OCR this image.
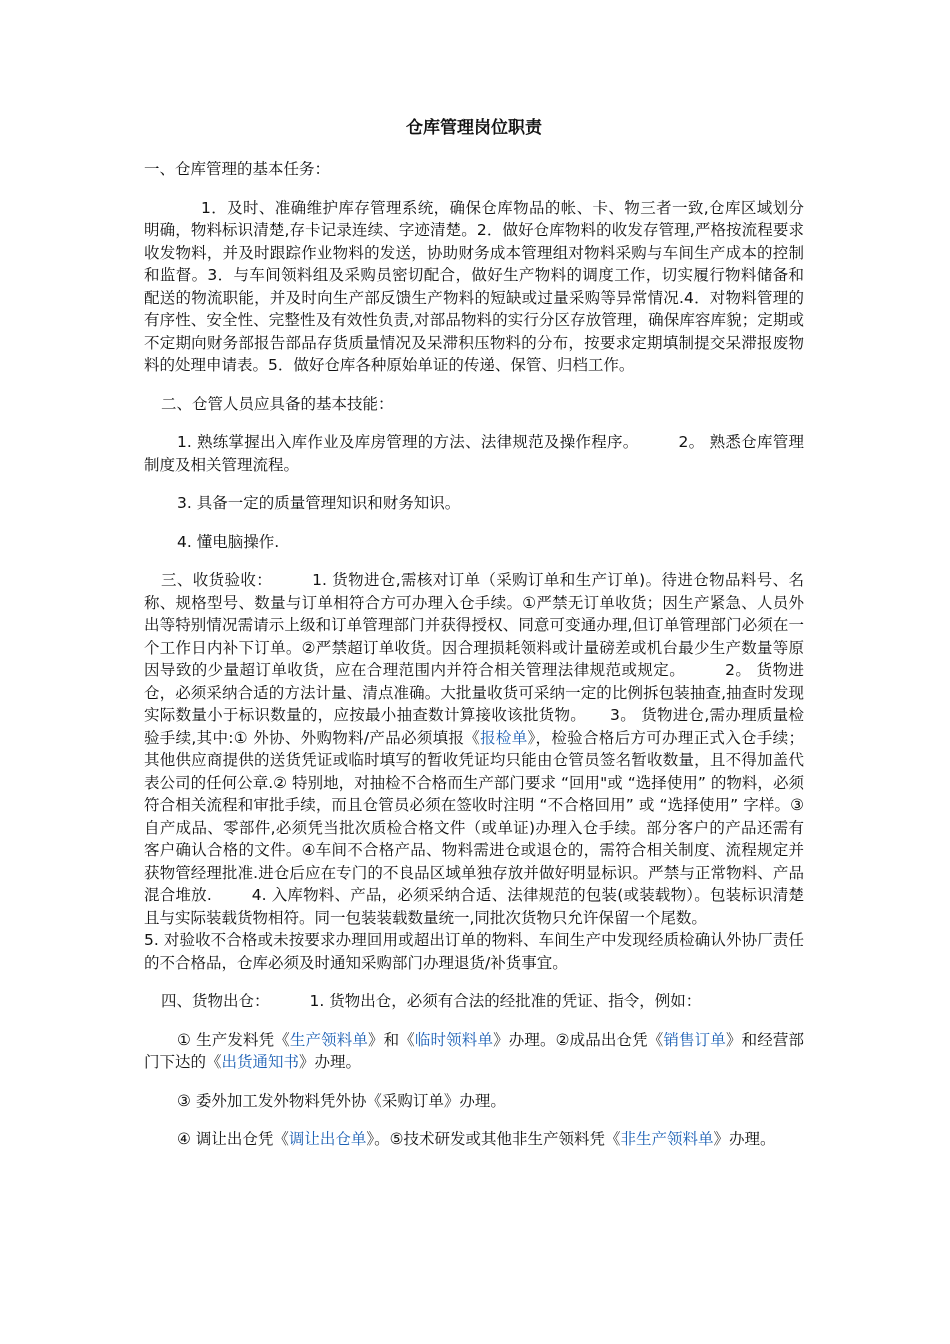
仓库管理岗位职责

一、仓库管理的基本任务：

1．及时、准确维护库存管理系统，确保仓库物品的帐、卡、物三者一致,仓库区域划分明确，物料标识清楚,存卡记录连续、字迹清楚。2．做好仓库物料的收发存管理,严格按流程要求收发物料，并及时跟踪作业物料的发送，协助财务成本管理组对物料采购与车间生产成本的控制和监督。3．与车间领料组及采购员密切配合，做好生产物料的调度工作，切实履行物料储备和配送的物流职能，并及时向生产部反馈生产物料的短缺或过量采购等异常情况.4．对物料管理的有序性、安全性、完整性及有效性负责,对部品物料的实行分区存放管理，确保库容库貌；定期或不定期向财务部报告部品存货质量情况及呆滞积压物料的分布，按要求定期填制提交呆滞报废物料的处理申请表。5．做好仓库各种原始单证的传递、保管、归档工作。

二、仓管人员应具备的基本技能：

1. 熟练掌握出入库作业及库房管理的方法、法律规范及操作程序。	2。 熟悉仓库管理制度及相关管理流程。

3. 具备一定的质量管理知识和财务知识。

4. 懂电脑操作.

三、收货验收：	1. 货物进仓,需核对订单（采购订单和生产订单)。待进仓物品料号、名称、规格型号、数量与订单相符合方可办理入仓手续。①严禁无订单收货；因生产紧急、人员外出等特别情况需请示上级和订单管理部门并获得授权、同意可变通办理,但订单管理部门必须在一个工作日内补下订单。②严禁超订单收货。因合理损耗领料或计量磅差或机台最少生产数量等原因导致的少量超订单收货，应在合理范围内并符合相关管理法律规范或规定。	2。 货物进仓，必须采纳合适的方法计量、清点准确。大批量收货可采纳一定的比例拆包装抽查,抽查时发现实际数量小于标识数量的，应按最小抽查数计算接收该批货物。 3。 货物进仓,需办理质量检验手续,其中:① 外协、外购物料/产品必须填报《报检单》，检验合格后方可办理正式入仓手续；其他供应商提供的送货凭证或临时填写的暂收凭证均只能由仓管员签名暂收数量，且不得加盖代表公司的任何公章.② 特别地，对抽检不合格而生产部门要求 “回用"或 “选择使用” 的物料，必须符合相关流程和审批手续，而且仓管员必须在签收时注明 “不合格回用” 或 “选择使用” 字样。③自产成品、零部件,必须凭当批次质检合格文件（或单证)办理入仓手续。部分客户的产品还需有客户确认合格的文件。④车间不合格产品、物料需进仓或退仓的，需符合相关制度、流程规定并获物管经理批准.进仓后应在专门的不良品区域单独存放并做好明显标识。严禁与正常物料、产品混合堆放.	4. 入库物料、产品，必须采纳合适、法律规范的包装(或装载物）。包装标识清楚且与实际装载货物相符。同一包装装载数量统一,同批次货物只允许保留一个尾数。

5. 对验收不合格或未按要求办理回用或超出订单的物料、车间生产中发现经质检确认外协厂责任的不合格品，仓库必须及时通知采购部门办理退货/补货事宜。

四、货物出仓：	1. 货物出仓，必须有合法的经批准的凭证、指令，例如：

① 生产发料凭《生产领料单》和《临时领料单》办理。②成品出仓凭《销售订单》和经营部门下达的《出货通知书》办理。

③ 委外加工发外物料凭外协《采购订单》办理。

④ 调让出仓凭《调让出仓单》。⑤技术研发或其他非生产领料凭《非生产领料单》办理。
